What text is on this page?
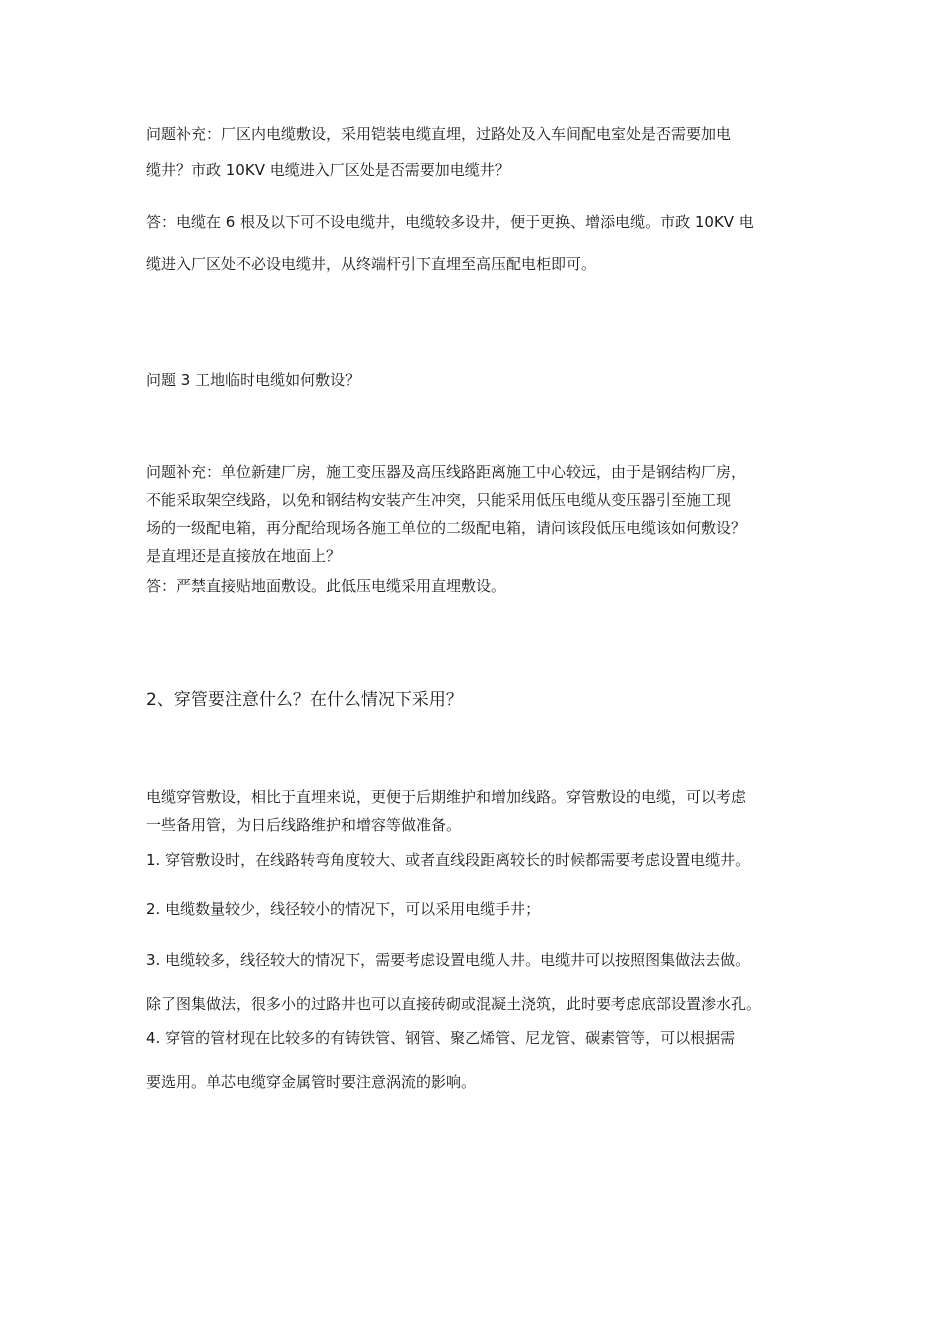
问题补充：厂区内电缆敷设，采用铠装电缆直埋，过路处及入车间配电室处是否需要加电

缆井？市政 10KV 电缆进入厂区处是否需要加电缆井？

答：电缆在 6 根及以下可不设电缆井，电缆较多设井，便于更换、增添电缆。市政 10KV 电

缆进入厂区处不必设电缆井，从终端杆引下直埋至高压配电柜即可。

问题 3 工地临时电缆如何敷设？

问题补充：单位新建厂房，施工变压器及高压线路距离施工中心较远，由于是钢结构厂房，

不能采取架空线路，以免和钢结构安装产生冲突，只能采用低压电缆从变压器引至施工现

场的一级配电箱，再分配给现场各施工单位的二级配电箱，请问该段低压电缆该如何敷设？

是直埋还是直接放在地面上？

答：严禁直接贴地面敷设。此低压电缆采用直埋敷设。

2、穿管要注意什么？在什么情况下采用？

电缆穿管敷设，相比于直埋来说，更便于后期维护和增加线路。穿管敷设的电缆，可以考虑

一些备用管，为日后线路维护和增容等做准备。

1. 穿管敷设时，在线路转弯角度较大、或者直线段距离较长的时候都需要考虑设置电缆井。

2. 电缆数量较少，线径较小的情况下，可以采用电缆手井；

3. 电缆较多，线径较大的情况下，需要考虑设置电缆人井。电缆井可以按照图集做法去做。

除了图集做法，很多小的过路井也可以直接砖砌或混凝土浇筑，此时要考虑底部设置渗水孔。

4. 穿管的管材现在比较多的有铸铁管、钢管、聚乙烯管、尼龙管、碳素管等，可以根据需

要选用。单芯电缆穿金属管时要注意涡流的影响。
